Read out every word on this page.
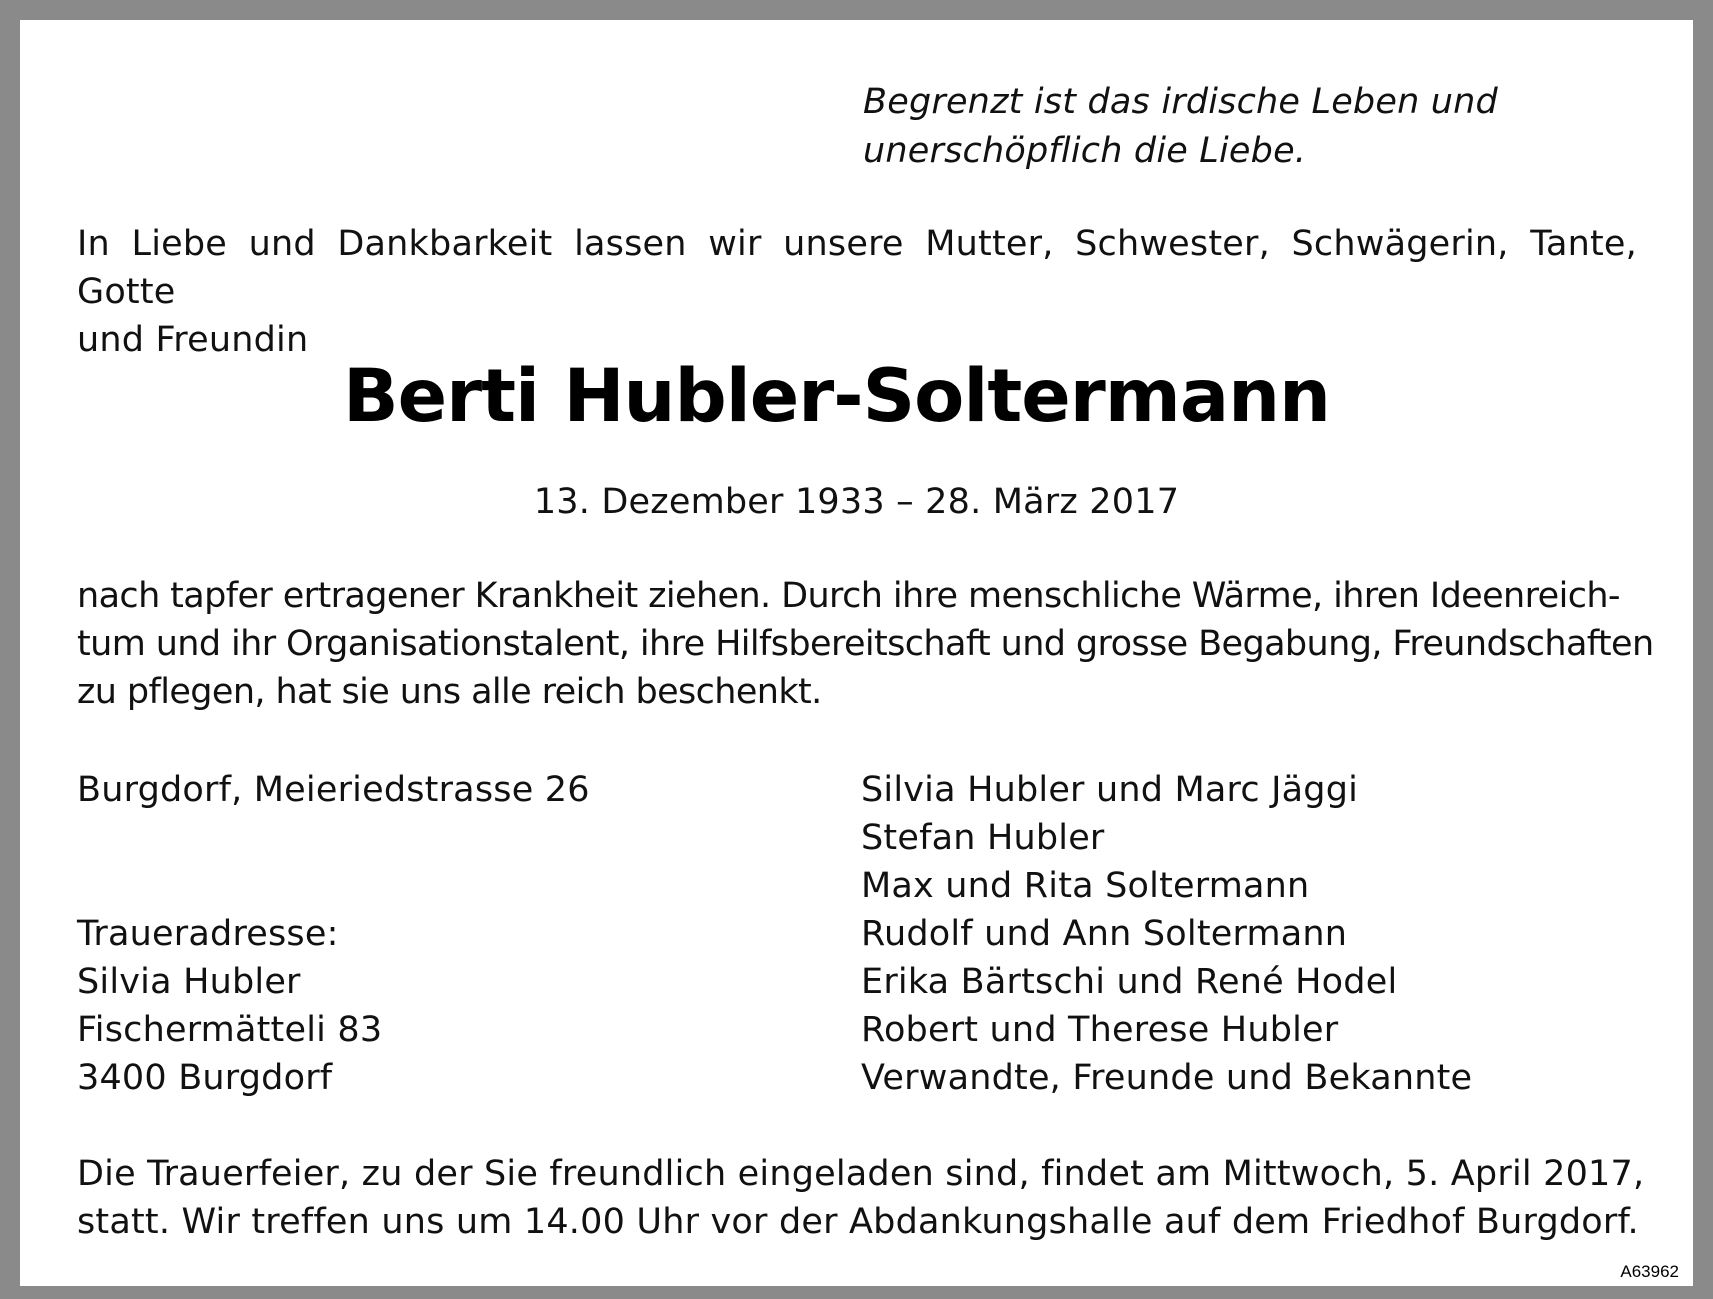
Begrenzt ist das irdische Leben und
unerschöpflich die Liebe.
In Liebe und Dankbarkeit lassen wir unsere Mutter, Schwester, Schwägerin, Tante, Gotte
und Freundin
13. Dezember 1933 – 28. März 2017
nach tapfer ertragener Krankheit ziehen. Durch ihre menschliche Wärme, ihren Ideenreich-
tum und ihr Organisationstalent, ihre Hilfsbereitschaft und grosse Begabung, Freundschaften
zu pflegen, hat sie uns alle reich beschenkt.
Burgdorf, Meieriedstrasse 26
Traueradresse:
Silvia Hubler
Fischermätteli 83
3400 Burgdorf
Silvia Hubler und Marc Jäggi
Stefan Hubler
Max und Rita Soltermann
Rudolf und Ann Soltermann
Erika Bärtschi und René Hodel
Robert und Therese Hubler
Verwandte, Freunde und Bekannte
Die Trauerfeier, zu der Sie freundlich eingeladen sind, findet am Mittwoch, 5. April 2017,
statt. Wir treffen uns um 14.00 Uhr vor der Abdankungshalle auf dem Friedhof Burgdorf.
A63962
Berti Hubler-Soltermann
